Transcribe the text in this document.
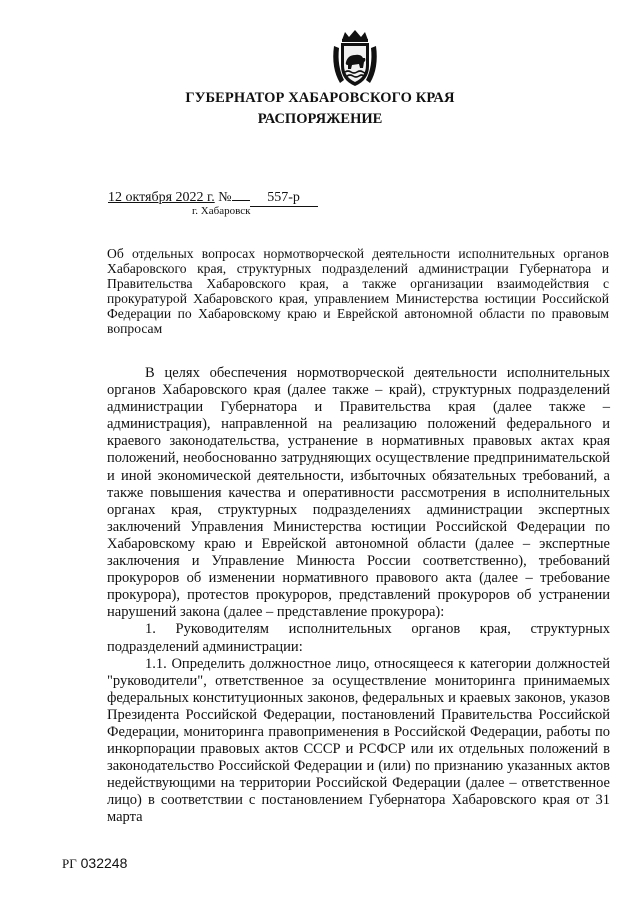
ГУБЕРНАТОР ХАБАРОВСКОГО КРАЯ
РАСПОРЯЖЕНИЕ
12 октября 2022 г. №	557-р
г. Хабаровск
Об отдельных вопросах нормотворческой деятельности исполнительных органов Хабаровского края, структурных подразделений администрации Губернатора и Правительства Хабаровского края, а также организации взаимодействия с прокуратурой Хабаровского края, управлением Министерства юстиции Российской Федерации по Хабаровскому краю и Еврейской автономной области по правовым вопросам

В целях обеспечения нормотворческой деятельности исполнительных органов Хабаровского края (далее также – край), структурных подразделений администрации Губернатора и Правительства края (далее также – администрация), направленной на реализацию положений федерального и краевого законодательства, устранение в нормативных правовых актах края положений, необоснованно затрудняющих осуществление предпринимательской и иной экономической деятельности, избыточных обязательных требований, а также повышения качества и оперативности рассмотрения в исполнительных органах края, структурных подразделениях администрации экспертных заключений Управления Министерства юстиции Российской Федерации по Хабаровскому краю и Еврейской автономной области (далее – экспертные заключения и Управление Минюста России соответственно), требований прокуроров об изменении нормативного правового акта (далее – требование прокурора), протестов прокуроров, представлений прокуроров об устранении нарушений закона (далее – представление прокурора):

1. Руководителям исполнительных органов края, структурных подразделений администрации:

1.1. Определить должностное лицо, относящееся к категории должностей "руководители", ответственное за осуществление мониторинга принимаемых федеральных конституционных законов, федеральных и краевых законов, указов Президента Российской Федерации, постановлений Правительства Российской Федерации, мониторинга правоприменения в Российской Федерации, работы по инкорпорации правовых актов СССР и РСФСР или их отдельных положений в законодательство Российской Федерации и (или) по признанию указанных актов недействующими на территории Российской Федерации (далее – ответственное лицо) в соответствии с постановлением Губернатора Хабаровского края от 31 марта

РГ 032248
